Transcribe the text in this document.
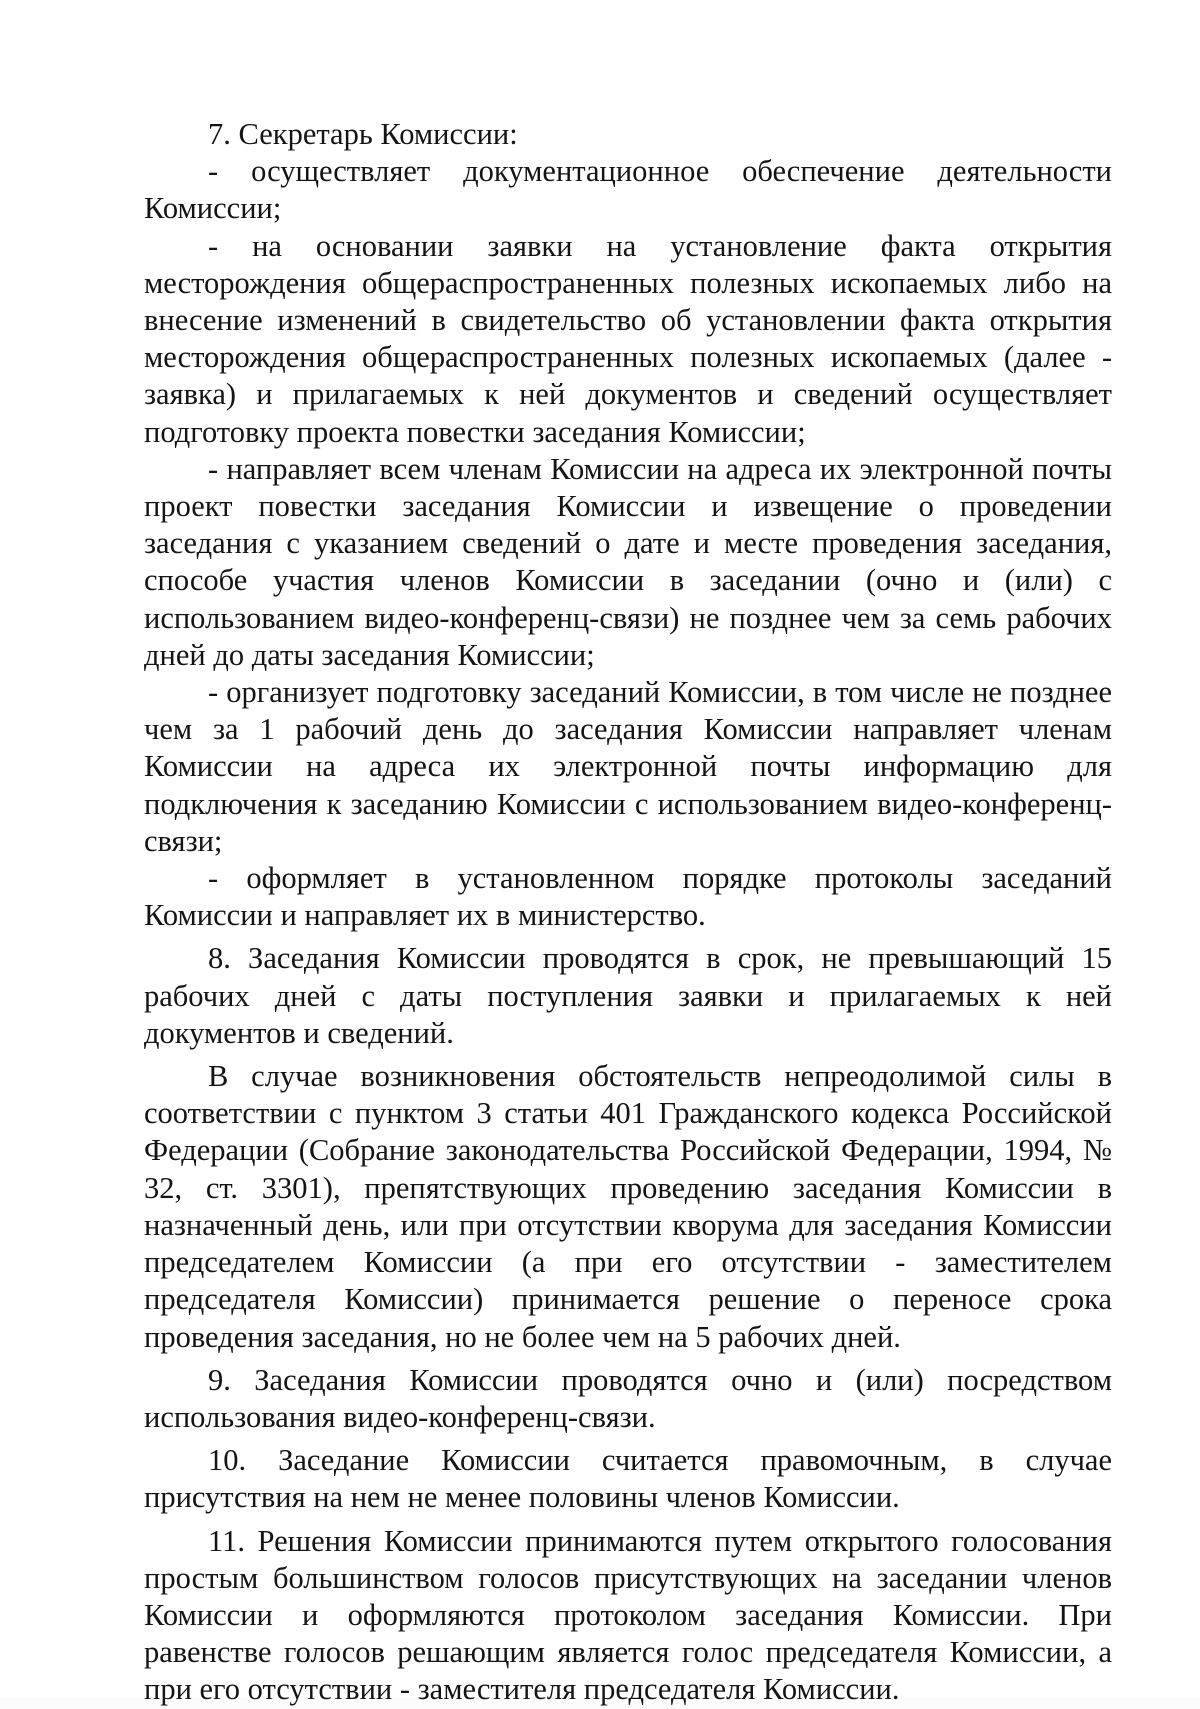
7. Секретарь Комиссии:

- осуществляет документационное обеспечение деятельности Комиссии;

- на основании заявки на установление факта открытия месторождения общераспространенных полезных ископаемых либо на внесение изменений в свидетельство об установлении факта открытия месторождения общераспространенных полезных ископаемых (далее - заявка) и прилагаемых к ней документов и сведений осуществляет подготовку проекта повестки заседания Комиссии;

- направляет всем членам Комиссии на адреса их электронной почты проект повестки заседания Комиссии и извещение о проведении заседания с указанием сведений о дате и месте проведения заседания, способе участия членов Комиссии в заседании (очно и (или) с использованием видео-конференц-связи) не позднее чем за семь рабочих дней до даты заседания Комиссии;

- организует подготовку заседаний Комиссии, в том числе не позднее чем за 1 рабочий день до заседания Комиссии направляет членам Комиссии на адреса их электронной почты информацию для подключения к заседанию Комиссии с использованием видео-конференц-связи;

- оформляет в установленном порядке протоколы заседаний Комиссии и направляет их в министерство.

8. Заседания Комиссии проводятся в срок, не превышающий 15 рабочих дней с даты поступления заявки и прилагаемых к ней документов и сведений.

В случае возникновения обстоятельств непреодолимой силы в соответствии с пунктом 3 статьи 401 Гражданского кодекса Российской Федерации (Собрание законодательства Российской Федерации, 1994, № 32, ст. 3301), препятствующих проведению заседания Комиссии в назначенный день, или при отсутствии кворума для заседания Комиссии председателем Комиссии (а при его отсутствии - заместителем председателя Комиссии) принимается решение о переносе срока проведения заседания, но не более чем на 5 рабочих дней.

9. Заседания Комиссии проводятся очно и (или) посредством использования видео-конференц-связи.

10. Заседание Комиссии считается правомочным, в случае присутствия на нем не менее половины членов Комиссии.

11. Решения Комиссии принимаются путем открытого голосования простым большинством голосов присутствующих на заседании членов Комиссии и оформляются протоколом заседания Комиссии. При равенстве голосов решающим является голос председателя Комиссии, а при его отсутствии - заместителя председателя Комиссии.
